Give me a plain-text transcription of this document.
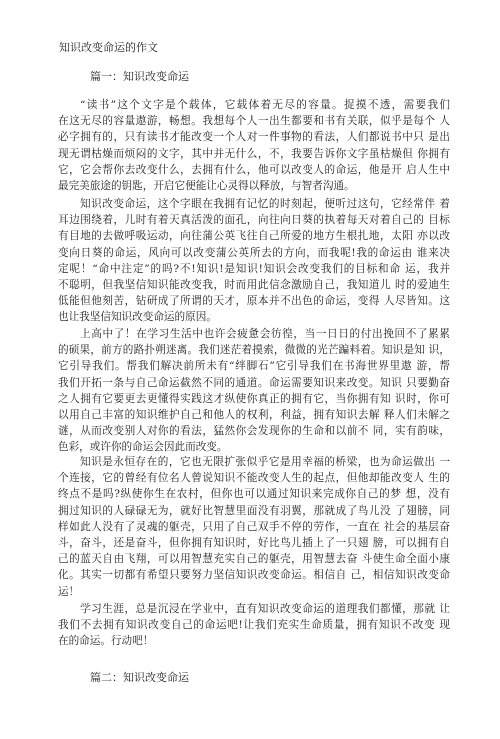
知识改变命运的作文
篇一：知识改变命运
“读书”这个文字是个载体，它载体着无尽的容量。捉摸不透，需要我们
在这无尽的容量遨游，畅想。我想每个人一出生都要和书有关联，似乎是每个 人
必字拥有的，只有读书才能改变一个人对一件事物的看法，人们都说书中只 是出
现无谓枯燥而烦闷的文字，其中并无什么，不，我要告诉你文字虽枯燥但 你拥有
它，它会帮你去改变什么，去拥有什么，他可以改变人的命运，他是开 启人生中
最完美旅途的钥匙，开启它便能让心灵得以释放，与智者沟通。
知识改变命运，这个字眼在我拥有记忆的时刻起，便听过这句，它经常伴 着
耳边围绕着，儿时有着天真活泼的面孔，向往向日葵的执着每天对着自己的 目标
有目地的去做呼吸运动，向往蒲公英飞往自己所爱的地方生根扎地，太阳 亦以改
变向日葵的命运，风向可以改变蒲公英所去的方向，而我呢!我的命运由 谁来决
定呢！“命中注定”的吗?不!知识!是知识!知识会改变我们的目标和命 运，我并
不聪明，但我坚信知识能改变我，时而用此信念激励自己，我知道儿 时的爱迪生
低能但他刻苦，钻研成了所谓的天才，原本并不出色的命运，变得 人尽皆知。这
也让我坚信知识改变命运的原因。
上高中了！在学习生活中也许会疲惫会彷徨，当一日日的付出挽回不了累累
的硕果，前方的路扑朔迷离。我们迷茫着摸索，微微的光芒蹁料着。知识是知 识，
它引导我们。帮我们解决前所未有“绊脚石”它引导我们在书海世界里遨 游，帮
我们开拓一条与自己命运截然不同的通道。命运需要知识来改变。知识 只要勤奋
之人拥有它要更去更懂得实践这才纵使你真正的拥有它，当你拥有知 识时，你可
以用自己丰富的知识维护自己和他人的权利，利益，拥有知识去解 释人们未解之
谜，从而改变别人对你的看法，猛然你会发现你的生命和以前不 同，实有韵味，
色彩，或许你的命运会因此而改变。
知识是永恒存在的，它也无限扩张似乎它是用幸福的桥梁，也为命运做出 一
个连接，它的曾经有位名人曾说知识不能改变人生的起点，但他却能改变人 生的
终点不是吗?纵使你生在农村，但你也可以通过知识来完成你自己的梦 想，没有
拥过知识的人碌碌无为，就好比智慧里面没有羽翼，那就成了鸟儿没 了翅膀，同
样如此人没有了灵魂的躯壳，只用了自己双手不停的劳作，一直在 社会的基层奋
斗，奋斗，还是奋斗，但你拥有知识时，好比鸟儿插上了一只翅 膀，可以拥有自
己的蓝天自由飞翔，可以用智慧充实自己的躯壳，用智慧去奋 斗使生命全面小康
化。其实一切都有希望只要努力坚信知识改变命运。相信自 己，相信知识改变命
运！
学习生涯，总是沉浸在学业中，直有知识改变命运的道理我们都懂，那就 让
我们不去拥有知识改变自己的命运吧!让我们充实生命质量，拥有知识不改变 现
在的命运。行动吧！
篇二：知识改变命运
